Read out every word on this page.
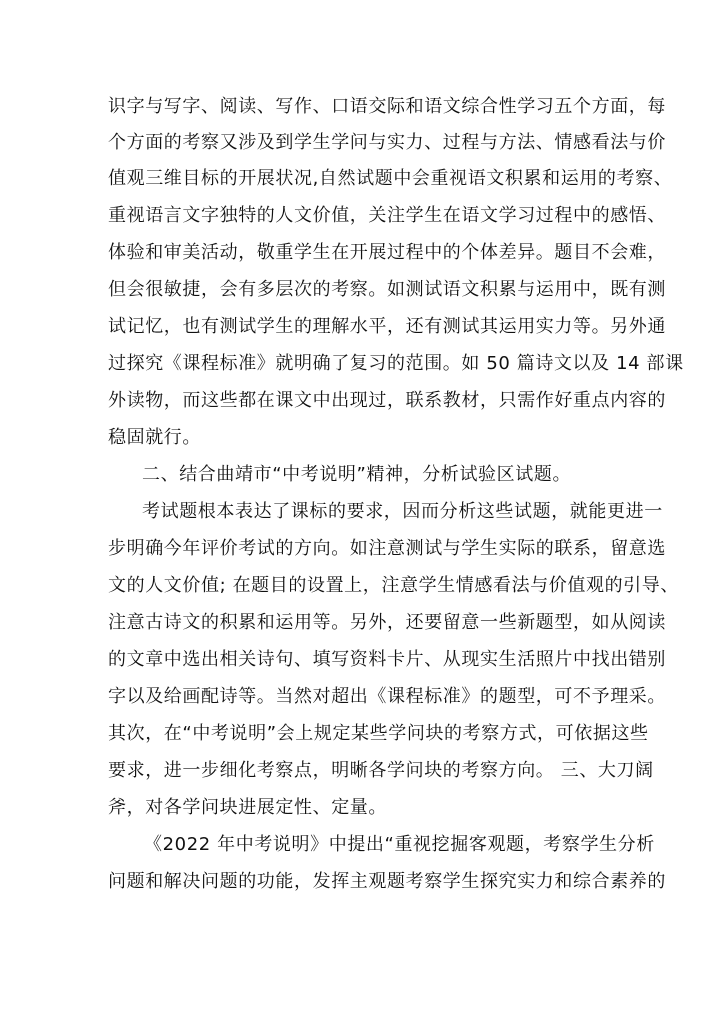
识字与写字、阅读、写作、口语交际和语文综合性学习五个方面，每
个方面的考察又涉及到学生学问与实力、过程与方法、情感看法与价
值观三维目标的开展状况,自然试题中会重视语文积累和运用的考察、
重视语言文字独特的人文价值，关注学生在语文学习过程中的感悟、
体验和审美活动，敬重学生在开展过程中的个体差异。题目不会难，
但会很敏捷，会有多层次的考察。如测试语文积累与运用中，既有测
试记忆，也有测试学生的理解水平，还有测试其运用实力等。另外通
过探究《课程标准》就明确了复习的范围。如 50 篇诗文以及 14 部课
外读物，而这些都在课文中出现过，联系教材，只需作好重点内容的
稳固就行。
二、结合曲靖市“中考说明”精神，分析试验区试题。
考试题根本表达了课标的要求，因而分析这些试题，就能更进一
步明确今年评价考试的方向。如注意测试与学生实际的联系，留意选
文的人文价值; 在题目的设置上，注意学生情感看法与价值观的引导、
注意古诗文的积累和运用等。另外，还要留意一些新题型，如从阅读
的文章中选出相关诗句、填写资料卡片、从现实生活照片中找出错别
字以及给画配诗等。当然对超出《课程标准》的题型，可不予理采。
其次，在“中考说明”会上规定某些学问块的考察方式，可依据这些
要求，进一步细化考察点，明晰各学问块的考察方向。 三、大刀阔
斧，对各学问块进展定性、定量。
《2022 年中考说明》中提出“重视挖掘客观题，考察学生分析
问题和解决问题的功能，发挥主观题考察学生探究实力和综合素养的
